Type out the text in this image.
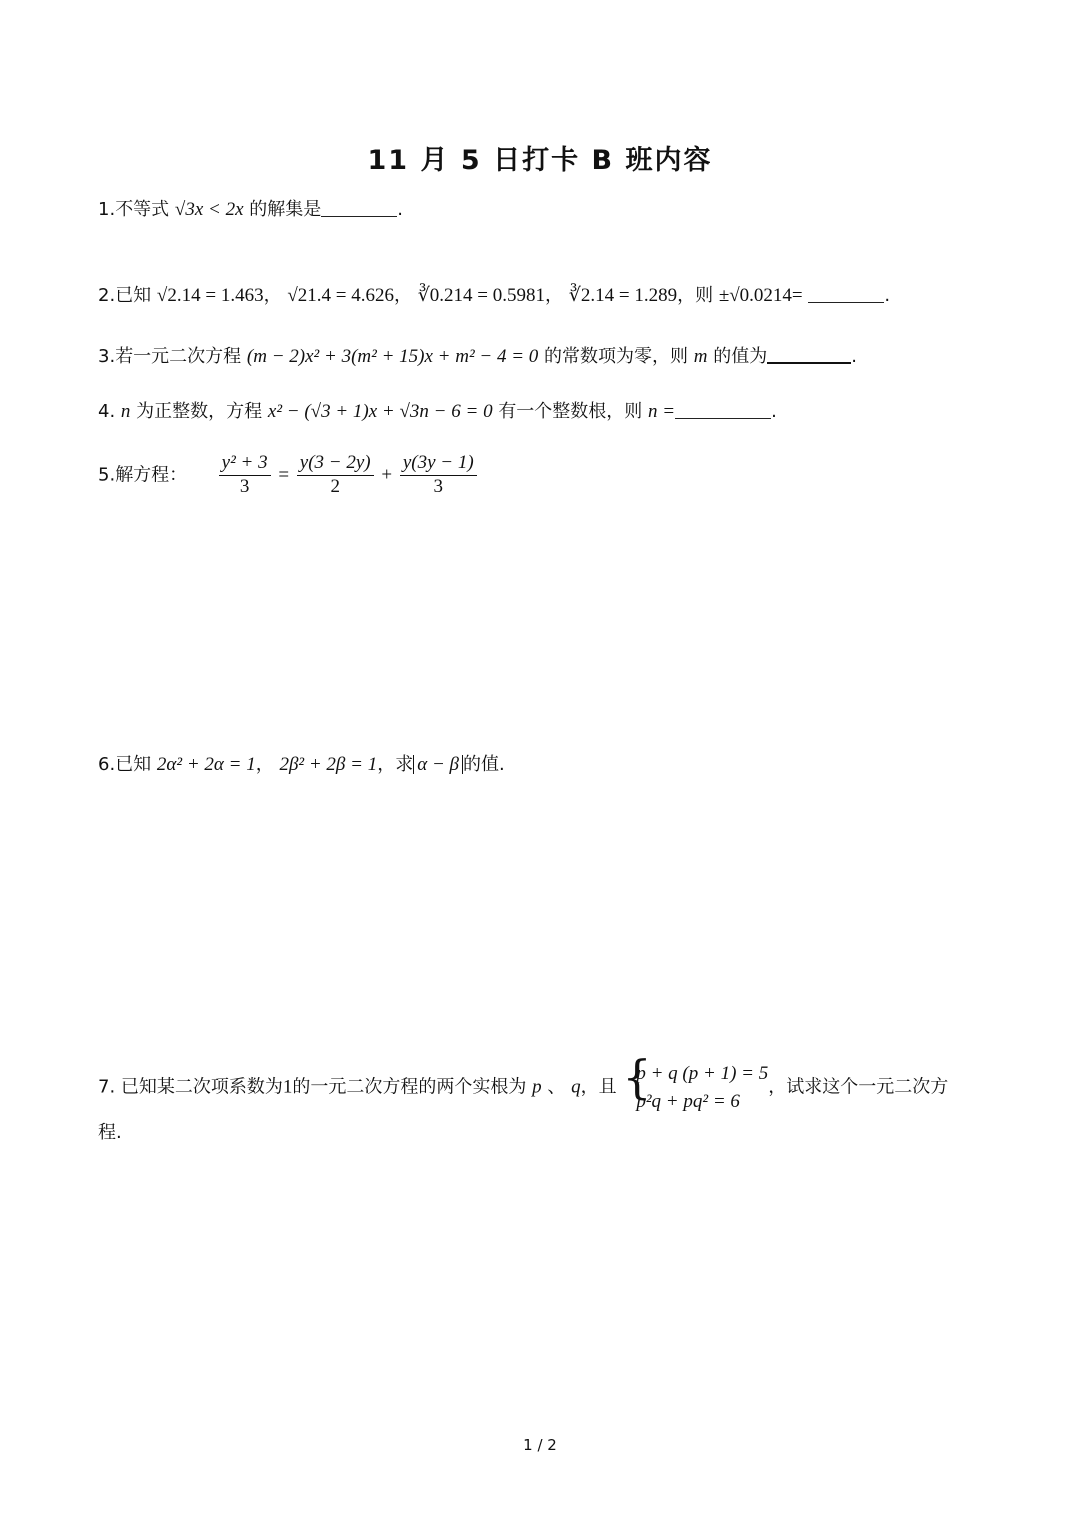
11 月 5 日打卡 B 班内容
1.不等式 √3x < 2x 的解集是	.
2.已知 √2.14 = 1.463， √21.4 = 4.626， ∛0.214 = 0.5981， ∛2.14 = 1.289，则 ±√0.0214=	.
3.若一元二次方程 (m − 2)x² + 3(m² + 15)x + m² − 4 = 0 的常数项为零，则 m 的值为	.
4. n 为正整数，方程 x² − (√3 + 1)x + √3n − 6 = 0 有一个整数根，则 n =	.
5.解方程： $\frac{\text{y² + 3}}{3} = \frac{y(3 - 2y)}{2} + \frac{y(3y - 1)}{3}$
6.已知 2α² + 2α = 1， 2β² + 2β = 1，求 α − β 的值.
7. 已知某二次项系数为1的一元二次方程的两个实根为 p 、 q，且 {
p + q (p + 1) = 5
p²q + pq² = 6
，试求这个一元二次方
程.
1 / 2
